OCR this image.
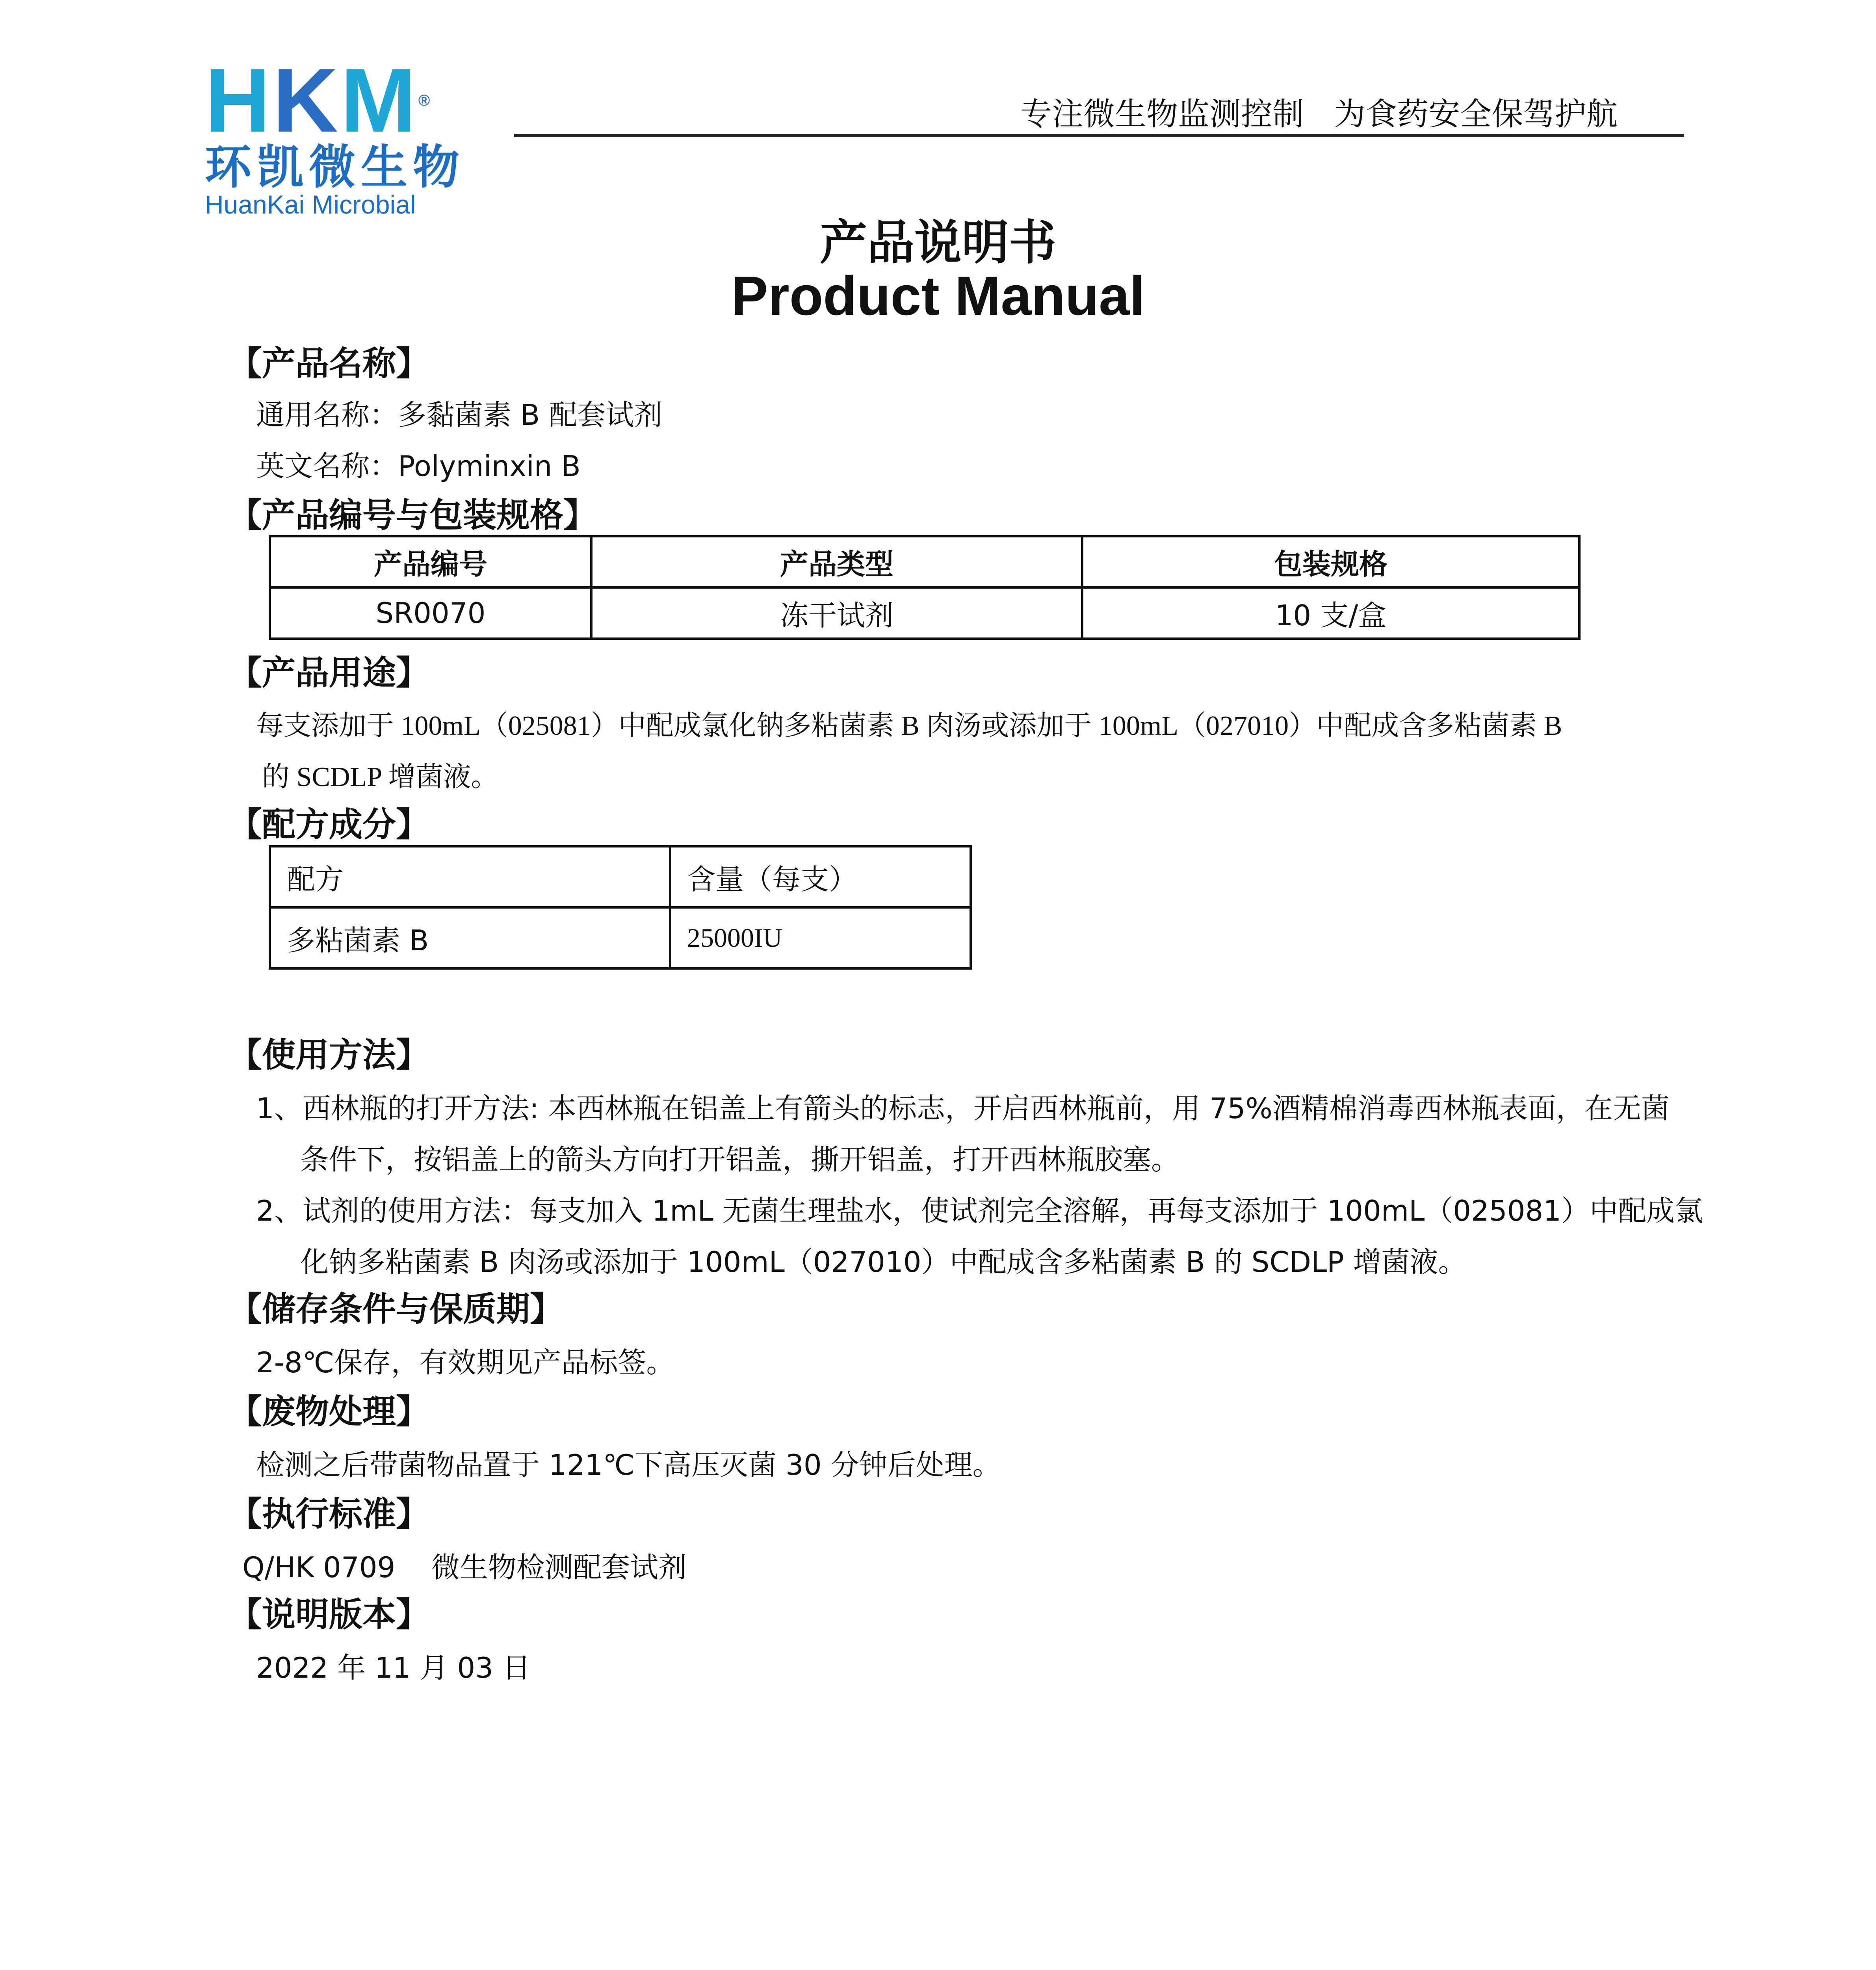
HKM®
环凯微生物
HuanKai Microbial
专注微生物监测控制   为食药安全保驾护航
产品说明书
Product Manual
【产品名称】
通用名称：多黏菌素 B 配套试剂
英文名称：Polyminxin B
【产品编号与包装规格】
产品编号	产品类型	包装规格
SR0070	冻干试剂	10 支/盒
【产品用途】
每支添加于 100mL（025081）中配成氯化钠多粘菌素 B 肉汤或添加于 100mL（027010）中配成含多粘菌素 B
的 SCDLP 增菌液。
【配方成分】
配方	含量（每支）
多粘菌素 B	25000IU
【使用方法】
1、西林瓶的打开方法: 本西林瓶在铝盖上有箭头的标志，开启西林瓶前，用 75%酒精棉消毒西林瓶表面，在无菌
条件下，按铝盖上的箭头方向打开铝盖，撕开铝盖，打开西林瓶胶塞。
2、试剂的使用方法：每支加入 1mL 无菌生理盐水，使试剂完全溶解，再每支添加于 100mL（025081）中配成氯
化钠多粘菌素 B 肉汤或添加于 100mL（027010）中配成含多粘菌素 B 的 SCDLP 增菌液。
【储存条件与保质期】
2-8℃保存，有效期见产品标签。
【废物处理】
检测之后带菌物品置于 121℃下高压灭菌 30 分钟后处理。
【执行标准】
Q/HK 0709    微生物检测配套试剂
【说明版本】
2022 年 11 月 03 日
